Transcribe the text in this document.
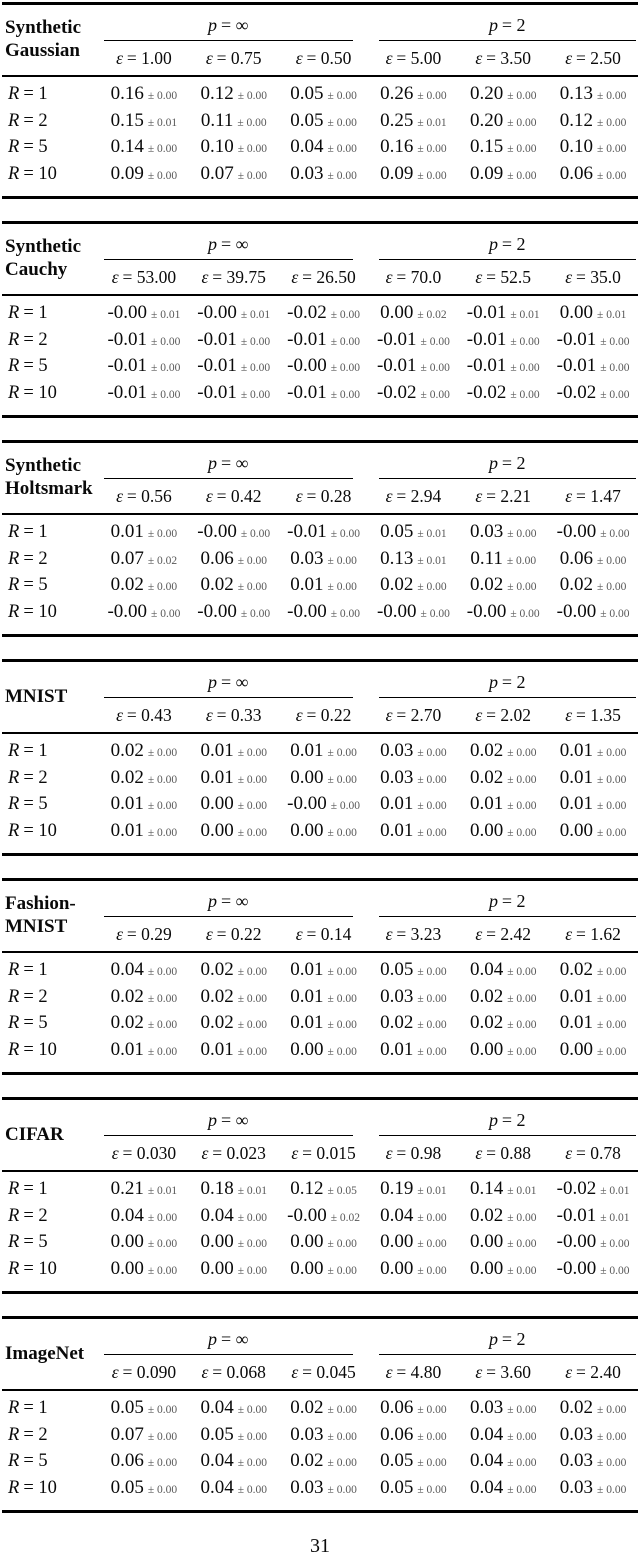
Synthetic
Gaussian
p = ∞	p = 2
ε = 1.00 ε = 0.75 ε = 0.50 ε = 5.00 ε = 3.50 ε = 2.50
R = 1	0.16 ± 0.00 0.12 ± 0.00 0.05 ± 0.00 0.26 ± 0.00 0.20 ± 0.00 0.13 ± 0.00
R = 2	0.15 ± 0.01 0.11 ± 0.00 0.05 ± 0.00 0.25 ± 0.01 0.20 ± 0.00 0.12 ± 0.00
R = 5	0.14 ± 0.00 0.10 ± 0.00 0.04 ± 0.00 0.16 ± 0.00 0.15 ± 0.00 0.10 ± 0.00
R = 10	0.09 ± 0.00 0.07 ± 0.00 0.03 ± 0.00 0.09 ± 0.00 0.09 ± 0.00 0.06 ± 0.00
Synthetic
Cauchy
p = ∞	p = 2
ε = 53.00 ε = 39.75 ε = 26.50 ε = 70.0 ε = 52.5 ε = 35.0
R = 1	-0.00 ± 0.01 -0.00 ± 0.01 -0.02 ± 0.00 0.00 ± 0.02 -0.01 ± 0.01 0.00 ± 0.01
R = 2	-0.01 ± 0.00 -0.01 ± 0.00 -0.01 ± 0.00 -0.01 ± 0.00 -0.01 ± 0.00 -0.01 ± 0.00
R = 5	-0.01 ± 0.00 -0.01 ± 0.00 -0.00 ± 0.00 -0.01 ± 0.00 -0.01 ± 0.00 -0.01 ± 0.00
R = 10	-0.01 ± 0.00 -0.01 ± 0.00 -0.01 ± 0.00 -0.02 ± 0.00 -0.02 ± 0.00 -0.02 ± 0.00
Synthetic
Holtsmark
p = ∞	p = 2
ε = 0.56 ε = 0.42 ε = 0.28 ε = 2.94 ε = 2.21 ε = 1.47
R = 1	0.01 ± 0.00 -0.00 ± 0.00 -0.01 ± 0.00 0.05 ± 0.01 0.03 ± 0.00 -0.00 ± 0.00
R = 2	0.07 ± 0.02 0.06 ± 0.00 0.03 ± 0.00 0.13 ± 0.01 0.11 ± 0.00 0.06 ± 0.00
R = 5	0.02 ± 0.00 0.02 ± 0.00 0.01 ± 0.00 0.02 ± 0.00 0.02 ± 0.00 0.02 ± 0.00
R = 10	-0.00 ± 0.00 -0.00 ± 0.00 -0.00 ± 0.00 -0.00 ± 0.00 -0.00 ± 0.00 -0.00 ± 0.00
MNIST
p = ∞	p = 2
ε = 0.43 ε = 0.33 ε = 0.22 ε = 2.70 ε = 2.02 ε = 1.35
R = 1	0.02 ± 0.00 0.01 ± 0.00 0.01 ± 0.00 0.03 ± 0.00 0.02 ± 0.00 0.01 ± 0.00
R = 2	0.02 ± 0.00 0.01 ± 0.00 0.00 ± 0.00 0.03 ± 0.00 0.02 ± 0.00 0.01 ± 0.00
R = 5	0.01 ± 0.00 0.00 ± 0.00 -0.00 ± 0.00 0.01 ± 0.00 0.01 ± 0.00 0.01 ± 0.00
R = 10	0.01 ± 0.00 0.00 ± 0.00 0.00 ± 0.00 0.01 ± 0.00 0.00 ± 0.00 0.00 ± 0.00
Fashion-
MNIST
p = ∞	p = 2
ε = 0.29 ε = 0.22 ε = 0.14 ε = 3.23 ε = 2.42 ε = 1.62
R = 1	0.04 ± 0.00 0.02 ± 0.00 0.01 ± 0.00 0.05 ± 0.00 0.04 ± 0.00 0.02 ± 0.00
R = 2	0.02 ± 0.00 0.02 ± 0.00 0.01 ± 0.00 0.03 ± 0.00 0.02 ± 0.00 0.01 ± 0.00
R = 5	0.02 ± 0.00 0.02 ± 0.00 0.01 ± 0.00 0.02 ± 0.00 0.02 ± 0.00 0.01 ± 0.00
R = 10	0.01 ± 0.00 0.01 ± 0.00 0.00 ± 0.00 0.01 ± 0.00 0.00 ± 0.00 0.00 ± 0.00
CIFAR
p = ∞	p = 2
ε = 0.030 ε = 0.023 ε = 0.015 ε = 0.98 ε = 0.88 ε = 0.78
R = 1	0.21 ± 0.01 0.18 ± 0.01 0.12 ± 0.05 0.19 ± 0.01 0.14 ± 0.01 -0.02 ± 0.01
R = 2	0.04 ± 0.00 0.04 ± 0.00 -0.00 ± 0.02 0.04 ± 0.00 0.02 ± 0.00 -0.01 ± 0.01
R = 5	0.00 ± 0.00 0.00 ± 0.00 0.00 ± 0.00 0.00 ± 0.00 0.00 ± 0.00 -0.00 ± 0.00
R = 10	0.00 ± 0.00 0.00 ± 0.00 0.00 ± 0.00 0.00 ± 0.00 0.00 ± 0.00 -0.00 ± 0.00
ImageNet
p = ∞	p = 2
ε = 0.090 ε = 0.068 ε = 0.045 ε = 4.80 ε = 3.60 ε = 2.40
R = 1	0.05 ± 0.00 0.04 ± 0.00 0.02 ± 0.00 0.06 ± 0.00 0.03 ± 0.00 0.02 ± 0.00
R = 2	0.07 ± 0.00 0.05 ± 0.00 0.03 ± 0.00 0.06 ± 0.00 0.04 ± 0.00 0.03 ± 0.00
R = 5	0.06 ± 0.00 0.04 ± 0.00 0.02 ± 0.00 0.05 ± 0.00 0.04 ± 0.00 0.03 ± 0.00
R = 10	0.05 ± 0.00 0.04 ± 0.00 0.03 ± 0.00 0.05 ± 0.00 0.04 ± 0.00 0.03 ± 0.00
31
